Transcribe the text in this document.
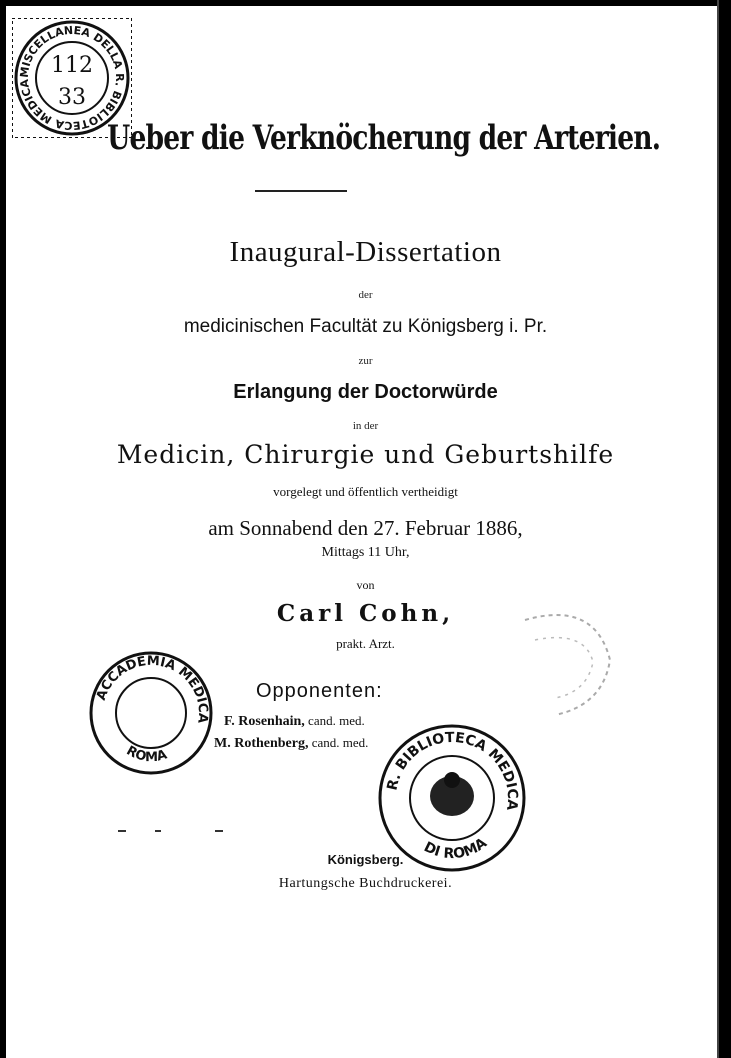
MISCELLANEA DELLA R. BIBLIOTECA MEDICA
112
33
Ueber die Verknöcherung der Arterien.
Inaugural-Dissertation
der
medicinischen Facultät zu Königsberg i. Pr.
zur
Erlangung der Doctorwürde
in der
Medicin, Chirurgie und Geburtshilfe
vorgelegt und öffentlich vertheidigt
am Sonnabend den 27. Februar 1886,
Mittags 11 Uhr,
von
Carl Cohn,
prakt. Arzt.
Opponenten:
F. Rosenhain, cand. med.
M. Rothenberg, cand. med.
ACCADEMIA MEDICA
ROMA
R. BIBLIOTECA MEDICA
DI ROMA
Königsberg.
Hartungsche Buchdruckerei.
